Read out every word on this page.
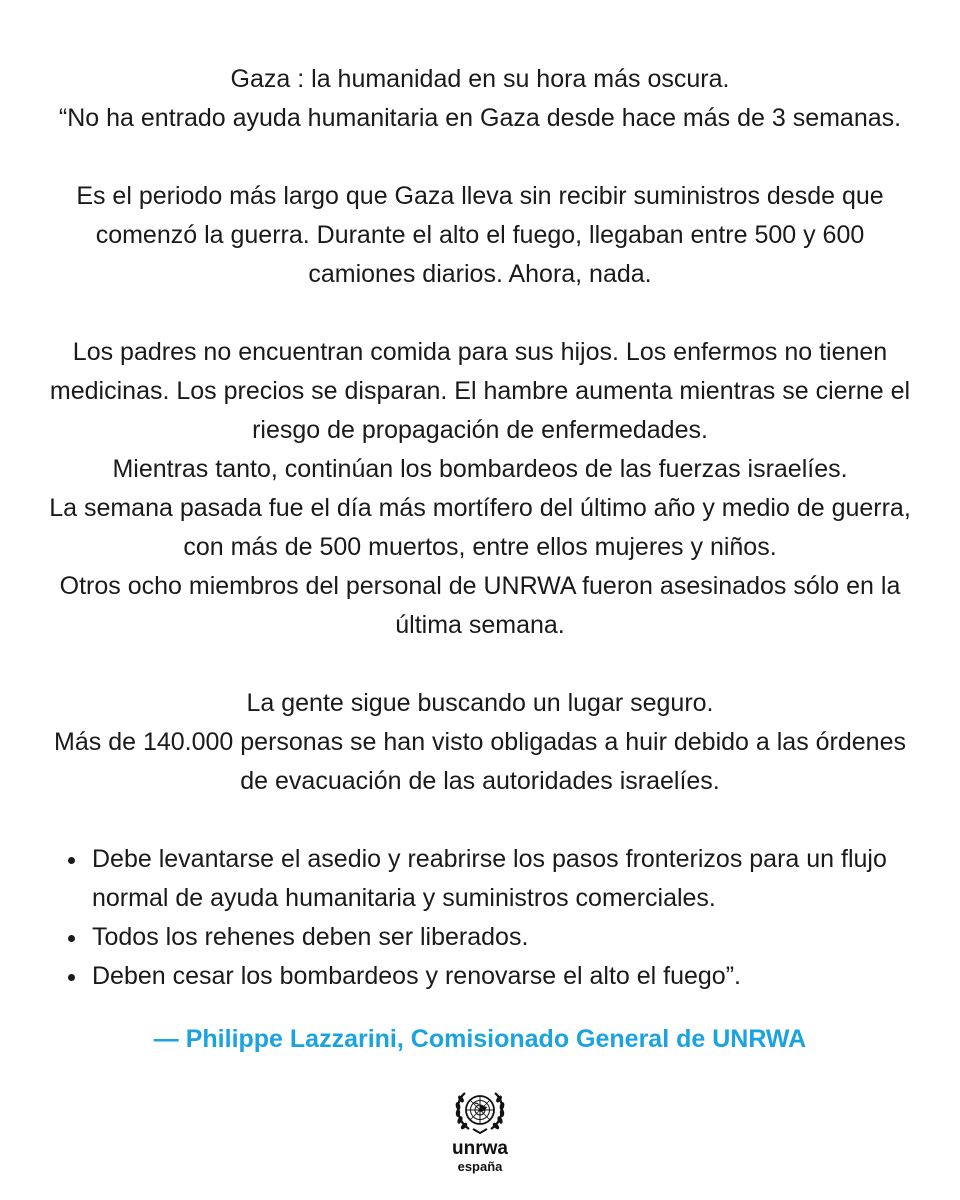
Gaza : la humanidad en su hora más oscura.

“No ha entrado ayuda humanitaria en Gaza desde hace más de 3 semanas.

Es el periodo más largo que Gaza lleva sin recibir suministros desde que comenzó la guerra. Durante el alto el fuego, llegaban entre 500 y 600 camiones diarios. Ahora, nada.

Los padres no encuentran comida para sus hijos. Los enfermos no tienen medicinas. Los precios se disparan. El hambre aumenta mientras se cierne el riesgo de propagación de enfermedades.

Mientras tanto, continúan los bombardeos de las fuerzas israelíes.

La semana pasada fue el día más mortífero del último año y medio de guerra, con más de 500 muertos, entre ellos mujeres y niños.

Otros ocho miembros del personal de UNRWA fueron asesinados sólo en la última semana.

La gente sigue buscando un lugar seguro.

Más de 140.000 personas se han visto obligadas a huir debido a las órdenes de evacuación de las autoridades israelíes.

Debe levantarse el asedio y reabrirse los pasos fronterizos para un flujo normal de ayuda humanitaria y suministros comerciales.
Todos los rehenes deben ser liberados.
Deben cesar los bombardeos y renovarse el alto el fuego”.
— Philippe Lazzarini, Comisionado General de UNRWA
unrwa
españa
